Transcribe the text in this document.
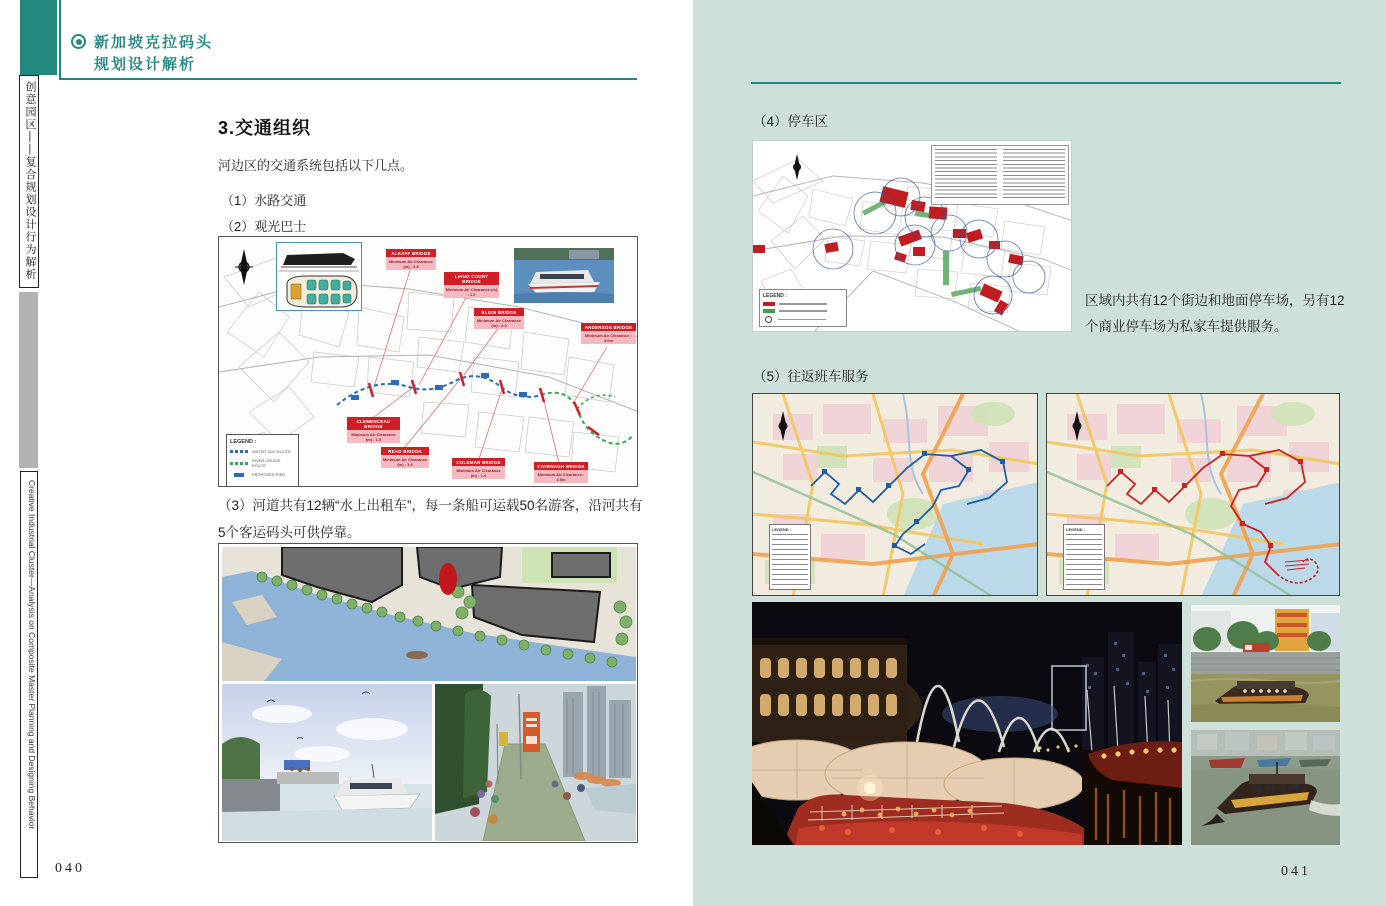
新加坡克拉码头
规划设计解析
创意园区——复合规划设计行为解析
Creative Industrial Cluster—Analysis on Composite Master Planning and Designing Behavior
3.交通组织
河边区的交通系统包括以下几点。
（1）水路交通
（2）观光巴士
ALKAFF BRIDGE
Minimum Air Clearance (m) : 2.6
LIANG COURT BRIDGE
Minimum Air Clearance (m) : 1.2
ELGIN BRIDGE
Minimum Air Clearance (m) : 2.2	ANDERSON BRIDGE
Minimum Air Clearance : 3.0m
CLEMENCEAU BRIDGE
Minimum Air Clearance (m) : 1.5
READ BRIDGE
Minimum Air Clearance (m) : 1.6	COLEMAN BRIDGE
Minimum Air Clearance (m) : 1.6
CAVENAGH BRIDGE
Minimum Air Clearance : 2.5m
LEGEND :
WATER TAXI ROUTE
RIVER CRUISE ROUTE
PROPOSED PIER
（3）河道共有12辆“水上出租车”，每一条船可运载50名游客，沿河共有5个客运码头可供停靠。
040
（4）停车区
LEGEND :	区域内共有12个街边和地面停车场，另有12个商业停车场为私家车提供服务。
（5）往返班车服务
LEGEND :	LEGEND :
041
